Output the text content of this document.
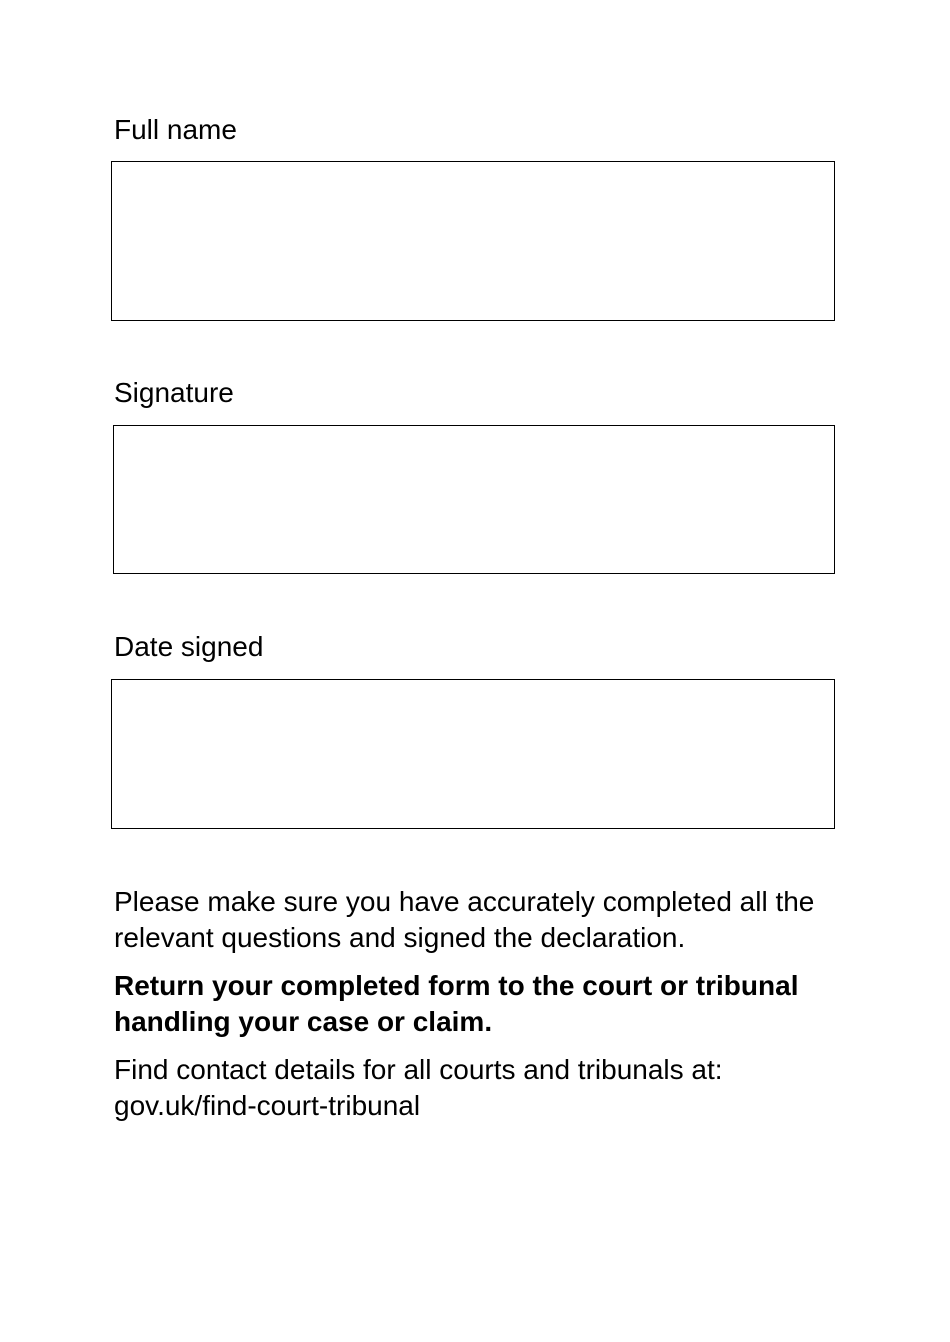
Full name
Signature
Date signed
Please make sure you have accurately completed all the
relevant questions and signed the declaration.
Return your completed form to the court or tribunal
handling your case or claim.
Find contact details for all courts and tribunals at:
gov.uk/find-court-tribunal
